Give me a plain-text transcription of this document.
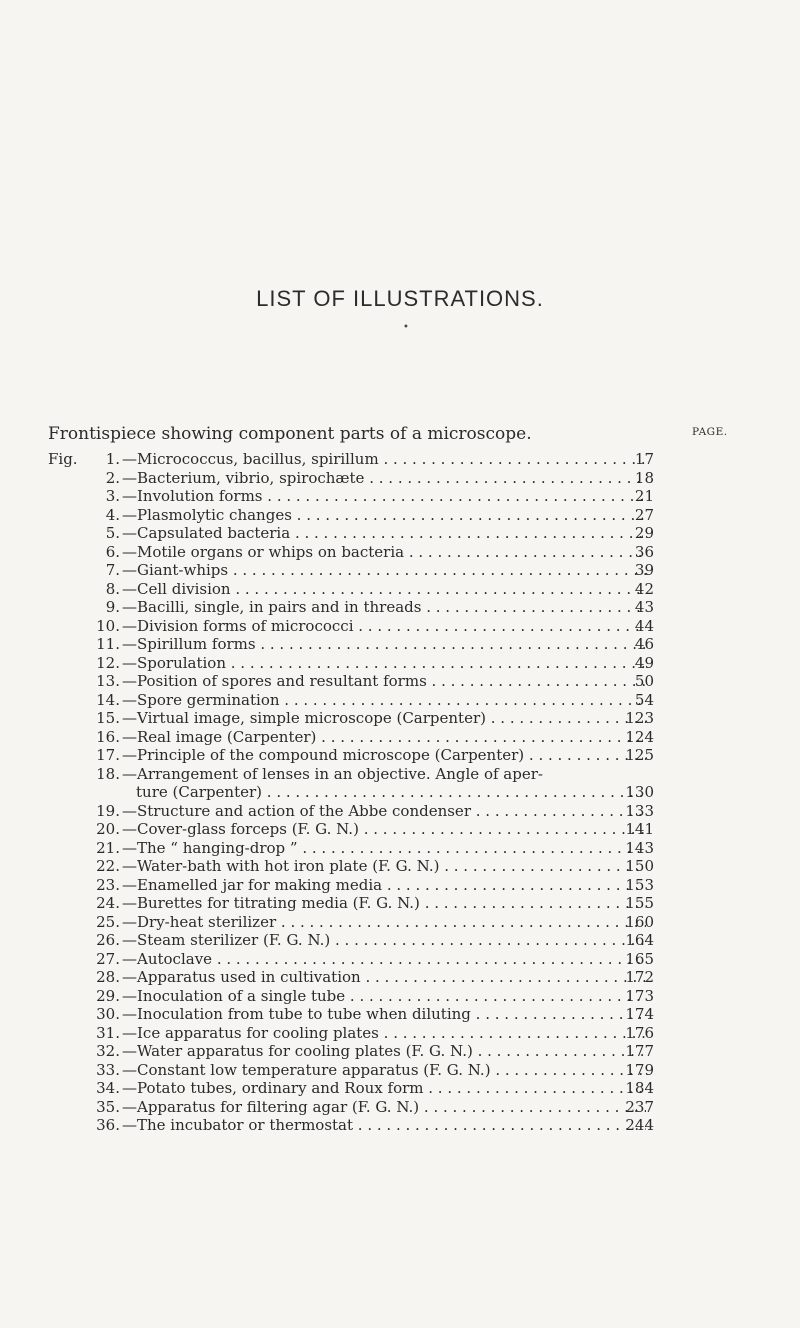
LIST OF ILLUSTRATIONS.
•
Frontispiece showing component parts of a microscope.	PAGE.
Fig. 1. —Micrococcus, bacillus, spirillum . . .	17
2. —Bacterium, vibrio, spirochæte . . .	18
3. —Involution forms . . .	21
4. —Plasmolytic changes . . .	27
5. —Capsulated bacteria . . .	29
6. —Motile organs or whips on bacteria . . .	36
7. —Giant-whips . . .	39
8. —Cell division . . .	42
9. —Bacilli, single, in pairs and in threads . . .	43
10. —Division forms of micrococci . . .	44
11. —Spirillum forms . . .	46
12. —Sporulation . . .	49
13. —Position of spores and resultant forms . . .	50
14. —Spore germination . . .	54
15. —Virtual image, simple microscope (Carpenter) . . .	123
16. —Real image (Carpenter) . . .	124
17. —Principle of the compound microscope (Carpenter) . . .	125
18. —Arrangement of lenses in an objective. Angle of aper-
ture (Carpenter) . . .	130
19. —Structure and action of the Abbe condenser . . .	133
20. —Cover-glass forceps (F. G. N.) . . .	141
21. —The “ hanging-drop ” . . .	143
22. —Water-bath with hot iron plate (F. G. N.) . . .	150
23. —Enamelled jar for making media . . .	153
24. —Burettes for titrating media (F. G. N.) . . .	155
25. —Dry-heat sterilizer . . .	160
26. —Steam sterilizer (F. G. N.) . . .	164
27. —Autoclave . . .	165
28. —Apparatus used in cultivation . . .	172
29. —Inoculation of a single tube . . .	173
30. —Inoculation from tube to tube when diluting . . .	174
31. —Ice apparatus for cooling plates . . .	176
32. —Water apparatus for cooling plates (F. G. N.) . . .	177
33. —Constant low temperature apparatus (F. G. N.) . . .	179
34. —Potato tubes, ordinary and Roux form . . .	184
35. —Apparatus for filtering agar (F. G. N.) . . .	237
36. —The incubator or thermostat . . .	244
